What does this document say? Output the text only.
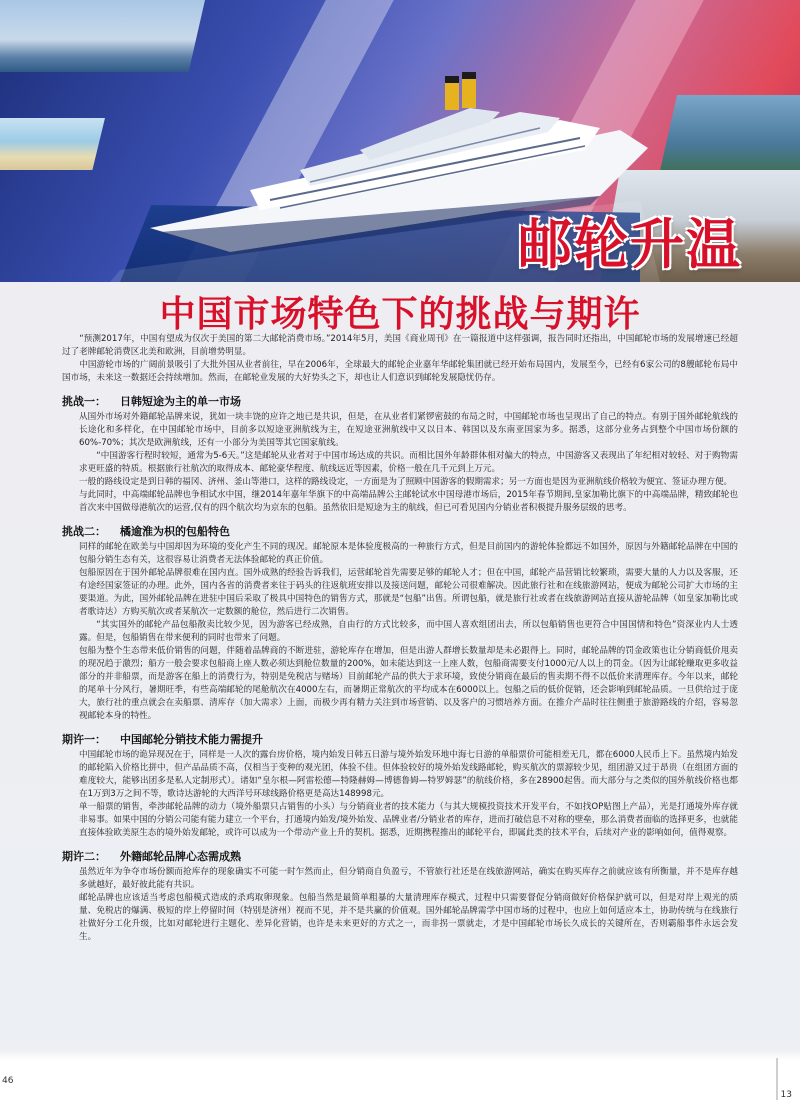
邮轮升温
中国市场特色下的挑战与期许

“预测2017年，中国有望成为仅次于美国的第二大邮轮消费市场。”2014年5月，美国《商业周刊》在一篇报道中这样强调，报告同时还指出，中国邮轮市场的发展增速已经超过了老牌邮轮消费区北美和欧洲，目前增势明显。

中国游轮市场的广阔前景吸引了大批外国从业者前往，早在2006年，全球最大的邮轮企业嘉年华邮轮集团就已经开始布局国内，发展至今，已经有6家公司的8艘邮轮布局中国市场，未来这一数据还会持续增加。然而，在邮轮业发展的大好势头之下，却也让人们意识到邮轮发展隐忧仍存。

挑战一： 日韩短途为主的单一市场

从国外市场对外籍邮轮品牌来说，犹如一块丰饶的应许之地已是共识，但是，在从业者们紧锣密鼓的布局之时，中国邮轮市场也呈现出了自己的特点。有别于国外邮轮航线的长途化和多样化，在中国邮轮市场中，目前多以短途亚洲航线为主，在短途亚洲航线中又以日本、韩国以及东南亚国家为多。据悉，这部分业务占到整个中国市场份额的60%-70%；其次是欧洲航线，还有一小部分为美国等其它国家航线。

“中国游客行程时较短，通常为5-6天。”这是邮轮从业者对于中国市场达成的共识。而相比国外年龄群体相对偏大的特点，中国游客又表现出了年纪相对较轻、对于购物需求更旺盛的特质。根据旅行社航次的取得成本、邮轮豪华程度、航线远近等因素，价格一般在几千元到上万元。

一般的路线设定是到日韩的福冈、济州、釜山等港口，这样的路线设定，一方面是为了照顾中国游客的假期需求；另一方面也是因为亚洲航线价格较为便宜、签证办理方便。

与此同时，中高端邮轮品牌也争相试水中国，继2014年嘉年华旗下的中高端品牌公主邮轮试水中国母港市场后，2015年春节期间,皇家加勒比旗下的中高端品牌，精致邮轮也首次来中国做母港航次的运营,仅有的四个航次均为京东的包船。虽然依旧是短途为主的航线，但已可看见国内分销业者积极提升服务层级的思考。

挑战二： 橘逾淮为枳的包船特色

同样的邮轮在欧美与中国却因为环境的变化产生不同的现况。邮轮原本是体验度极高的一种旅行方式，但是目前国内的游轮体验都远不如国外，原因与外籍邮轮品牌在中国的包船分销生态有关，这很容易让消费者无法体验邮轮的真正价值。

包船原因在于国外邮轮品牌很难在国内直。国外成熟的经验告诉我们，运营邮轮首先需要足够的邮轮人才；但在中国，邮轮产品营销比较繁琐，需要大量的人力以及客服，还有途经国家签证的办理。此外，国内各省的消费者来往于码头的往返航班安排以及接送问题，邮轮公司很难解决。因此旅行社和在线旅游网站，便成为邮轮公司扩大市场的主要渠道。为此，国外邮轮品牌在进驻中国后采取了极具中国特色的销售方式，那就是“包船”出售。所谓包船，就是旅行社或者在线旅游网站直接从游轮品牌（如皇家加勒比或者歌诗达）方购买航次或者某航次一定数额的舱位，然后进行二次销售。

“其实国外的邮轮产品包船散卖比较少见，因为游客已经成熟，自由行的方式比较多，而中国人喜欢组团出去，所以包船销售也更符合中国国情和特色”资深业内人士透露。但是，包船销售在带来便利的同时也带来了问题。

包船为整个生态带来低价销售的问题，伴随着品牌商的不断进驻，游轮库存在增加，但是出游人群增长数量却是未必跟得上。同时，邮轮品牌的罚金政策也让分销商低价甩卖的现况趋于激烈；船方一般会要求包船商上座人数必须达到舱位数量的200%，如未能达到这一上座人数，包船商需要支付1000元/人以上的罚金。（因为让邮轮赚取更多收益部分的并非船票，而是游客在船上的消费行为，特别是免税店与赌场）目前邮轮产品的供大于求环境，致使分销商在最后的售卖期不得不以低价来清理库存。今年以来，邮轮的尾单十分风行，暑期旺季，有些高端邮轮的尾舱航次在4000左右，而暑期正常航次的平均成本在6000以上。包船之后的低价促销，还会影响到邮轮品质。一旦供给过于庞大，旅行社的重点就会在卖船票、清库存（加大需求）上面，而极少再有精力关注到市场营销、以及客户的习惯培养方面。在推介产品时往往侧重于旅游路线的介绍，容易忽视邮轮本身的特性。

期许一： 中国邮轮分销技术能力需提升

中国邮轮市场的诡异现况在于，同样是一人次的露台房价格，境内始发日韩五日游与境外始发环地中海七日游的单船票价可能相差无几，都在6000人民币上下。虽然境内始发的邮轮陷入价格比拼中，但产品品质不高，仅相当于变种的观光团，体验不佳。但体验较好的境外始发线路邮轮，购买航次的票源较少见，组团游又过于昂贵（在组团方面的难度较大，能够出团多是私人定制形式）。诸如“皇尔根—阿雷松德—特隆赫姆—博德鲁姆—特罗姆瑟”的航线价格，多在28900起售。而大部分与之类似的国外航线价格也都在1万到3万之间不等，歌诗达游轮的大西洋号环球线路价格更是高达148998元。

单一船票的销售，牵涉邮轮品牌的动力（境外船票只占销售的小头）与分销商业者的技术能力（与其大规模投资技术开发平台，不如找OP贴图上产品），光是打通境外库存就非易事。如果中国的分销公司能有能力建立一个平台，打通境内始发/境外始发、品牌业者/分销业者的库存，进而打破信息不对称的壁垒，那么消费者面临的选择更多，也就能直接体验欧美原生态的境外始发邮轮，或许可以成为一个带动产业上升的契机。据悉，近期携程推出的邮轮平台，即属此类的技术平台，后续对产业的影响如何，值得观察。

期许二： 外籍邮轮品牌心态需成熟

虽然近年为争夺市场份额而抢库存的现象确实不可能一时乍然而止，但分销商自负盈亏，不管旅行社还是在线旅游网站，确实在购买库存之前就应该有所衡量，并不是库存越多就越好，最好彼此能有共识。

邮轮品牌也应该适当考虑包船模式造成的杀鸡取卵现象。包船当然是最简单粗暴的大量清理库存模式，过程中只需要督促分销商做好价格保护就可以，但是对岸上观光的质量、免税店的爆满、极短的岸上停留时间（特别是济州）视而不见，并不是共赢的价值观。国外邮轮品牌需学中国市场的过程中，也应上如何适应本土，协助传统与在线旅行社做好分工化升级，比如对邮轮进行主题化、差异化营销，也许是未来更好的方式之一，而非拐一票就走，才是中国邮轮市场长久成长的关键所在，否则霸船事件永远会发生。

46
13
